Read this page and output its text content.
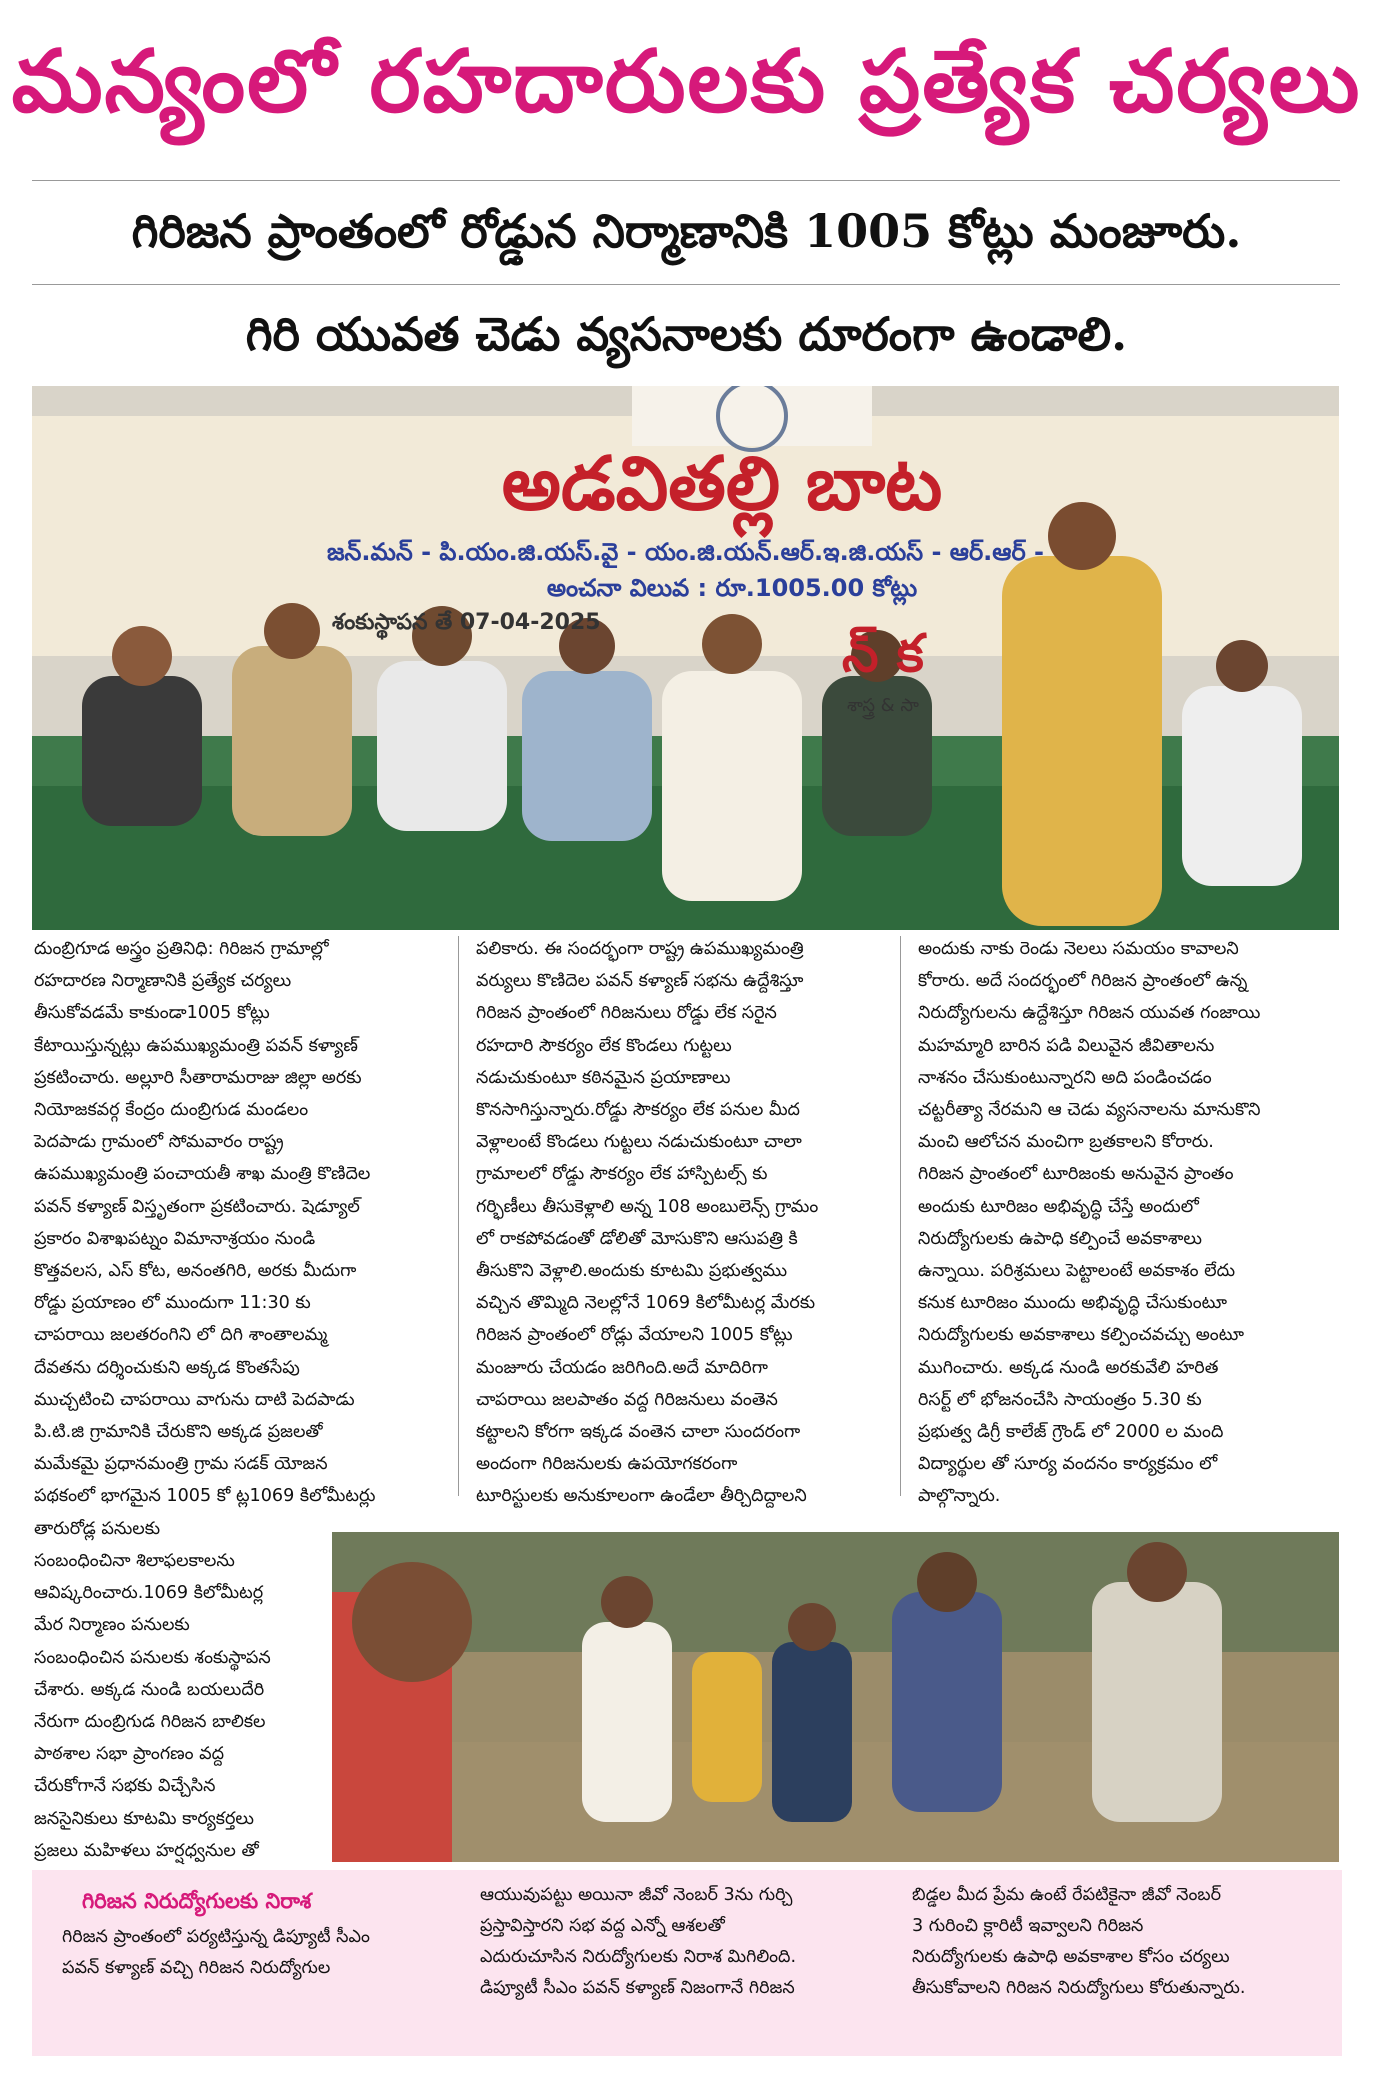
మన్యంలో రహదారులకు ప్రత్యేక చర్యలు
గిరిజన ప్రాంతంలో రోడ్డున నిర్మాణానికి 1005 కోట్లు మంజూరు.
గిరి యువత చెడు వ్యసనాలకు దూరంగా ఉండాలి.
అడవితల్లి బాట
జన్.మన్ - పి.యం.జి.యస్.వై - యం.జి.యన్.ఆర్.ఇ.జి.యస్ - ఆర్.ఆర్ -
అంచనా విలువ : రూ.1005.00 కోట్లు
శంకుస్థాపన తే 07-04-2025
న్ క
శాస్త్ర & సా

దుంబ్రిగూడ అస్త్రం ప్రతినిధి: గిరిజన గ్రామాల్లో

రహదారణ నిర్మాణానికి ప్రత్యేక చర్యలు

తీసుకోవడమే కాకుండా1005 కోట్లు

కేటాయిస్తున్నట్లు ఉపముఖ్యమంత్రి పవన్ కళ్యాణ్

ప్రకటించారు. అల్లూరి సీతారామరాజు జిల్లా అరకు

నియోజకవర్గ కేంద్రం దుంబ్రిగుడ మండలం

పెదపాడు గ్రామంలో సోమవారం రాష్ట్ర

ఉపముఖ్యమంత్రి పంచాయతీ శాఖ మంత్రి కొణిదెల

పవన్ కళ్యాణ్ విస్తృతంగా ప్రకటించారు. షెడ్యూల్

ప్రకారం విశాఖపట్నం విమానాశ్రయం నుండి

కొత్తవలస, ఎస్ కోట, అనంతగిరి, అరకు మీదుగా

రోడ్డు ప్రయాణం లో ముందుగా 11:30 కు

చాపరాయి జలతరంగిని లో దిగి శాంతాలమ్మ

దేవతను దర్శించుకుని అక్కడ కొంతసేపు

ముచ్చటించి చాపరాయి వాగును దాటి పెదపాడు

పి.టి.జి గ్రామానికి చేరుకొని అక్కడ ప్రజలతో

మమేకమై ప్రధానమంత్రి గ్రామ సడక్ యోజన

పథకంలో భాగమైన 1005 కో ట్ల1069 కిలోమీటర్లు

తారురోడ్ల పనులకు

సంబంధించినా శిలాఫలకాలను

ఆవిష్కరించారు.1069 కిలోమీటర్ల

మేర నిర్మాణం పనులకు

సంబంధించిన పనులకు శంకుస్థాపన

చేశారు. అక్కడ నుండి బయలుదేరి

నేరుగా దుంబ్రిగుడ గిరిజన బాలికల

పాఠశాల సభా ప్రాంగణం వద్ద

చేరుకోగానే సభకు విచ్చేసిన

జనసైనికులు కూటమి కార్యకర్తలు

ప్రజలు మహిళలు హర్షధ్వనుల తో

పలికారు. ఈ సందర్భంగా రాష్ట్ర ఉపముఖ్యమంత్రి

వర్యులు కొణిదెల పవన్ కళ్యాణ్ సభను ఉద్దేశిస్తూ

గిరిజన ప్రాంతంలో గిరిజనులు రోడ్డు లేక సరైన

రహదారి సౌకర్యం లేక కొండలు గుట్టలు

నడుచుకుంటూ కఠినమైన ప్రయాణాలు

కొనసాగిస్తున్నారు.రోడ్డు సౌకర్యం లేక పనుల మీద

వెళ్లాలంటే కొండలు గుట్టలు నడుచుకుంటూ చాలా

గ్రామాలలో రోడ్డు సౌకర్యం లేక హాస్పిటల్స్ కు

గర్భిణీలు తీసుకెళ్లాలి అన్న 108 అంబులెన్స్ గ్రామం

లో రాకపోవడంతో డోలితో మోసుకొని ఆసుపత్రి కి

తీసుకొని వెళ్లాలి.అందుకు కూటమి ప్రభుత్వము

వచ్చిన తొమ్మిది నెలల్లోనే 1069 కిలోమీటర్ల మేరకు

గిరిజన ప్రాంతంలో రోడ్లు వేయాలని 1005 కోట్లు

మంజూరు చేయడం జరిగింది.అదే మాదిరిగా

చాపరాయి జలపాతం వద్ద గిరిజనులు వంతెన

కట్టాలని కోరగా ఇక్కడ వంతెన చాలా సుందరంగా

అందంగా గిరిజనులకు ఉపయోగకరంగా

టూరిస్టులకు అనుకూలంగా ఉండేలా తీర్చిదిద్దాలని

అందుకు నాకు రెండు నెలలు సమయం కావాలని

కోరారు. అదే సందర్భంలో గిరిజన ప్రాంతంలో ఉన్న

నిరుద్యోగులను ఉద్దేశిస్తూ గిరిజన యువత గంజాయి

మహమ్మారి బారిన పడి విలువైన జీవితాలను

నాశనం చేసుకుంటున్నారని అది పండించడం

చట్టరీత్యా నేరమని ఆ చెడు వ్యసనాలను మానుకొని

మంచి ఆలోచన మంచిగా బ్రతకాలని కోరారు.

గిరిజన ప్రాంతంలో టూరిజంకు అనువైన ప్రాంతం

అందుకు టూరిజం అభివృద్ధి చేస్తే అందులో

నిరుద్యోగులకు ఉపాధి కల్పించే అవకాశాలు

ఉన్నాయి. పరిశ్రమలు పెట్టాలంటే అవకాశం లేదు

కనుక టూరిజం ముందు అభివృద్ధి చేసుకుంటూ

నిరుద్యోగులకు అవకాశాలు కల్పించవచ్చు అంటూ

ముగించారు. అక్కడ నుండి అరకువేలి హరిత

రిసర్ట్ లో భోజనంచేసి సాయంత్రం 5.30 కు

ప్రభుత్వ డిగ్రీ కాలేజ్ గ్రౌండ్ లో 2000 ల మంది

విద్యార్థుల తో సూర్య వందనం కార్యక్రమం లో

పాల్గొన్నారు.

గిరిజన నిరుద్యోగులకు నిరాశ
గిరిజన ప్రాంతంలో పర్యటిస్తున్న డిప్యూటీ సీఎం
పవన్ కళ్యాణ్ వచ్చి గిరిజన నిరుద్యోగుల
ఆయువుపట్టు అయినా జీవో నెంబర్ 3ను గుర్చి
ప్రస్తావిస్తారని సభ వద్ద ఎన్నో ఆశలతో
ఎదురుచూసిన నిరుద్యోగులకు నిరాశ మిగిలింది.
డిప్యూటీ సీఎం పవన్ కళ్యాణ్ నిజంగానే గిరిజన
బిడ్డల మీద ప్రేమ ఉంటే రేపటికైనా జీవో నెంబర్
3 గురించి క్లారిటీ ఇవ్వాలని గిరిజన
నిరుద్యోగులకు ఉపాధి అవకాశాల కోసం చర్యలు
తీసుకోవాలని గిరిజన నిరుద్యోగులు కోరుతున్నారు.
